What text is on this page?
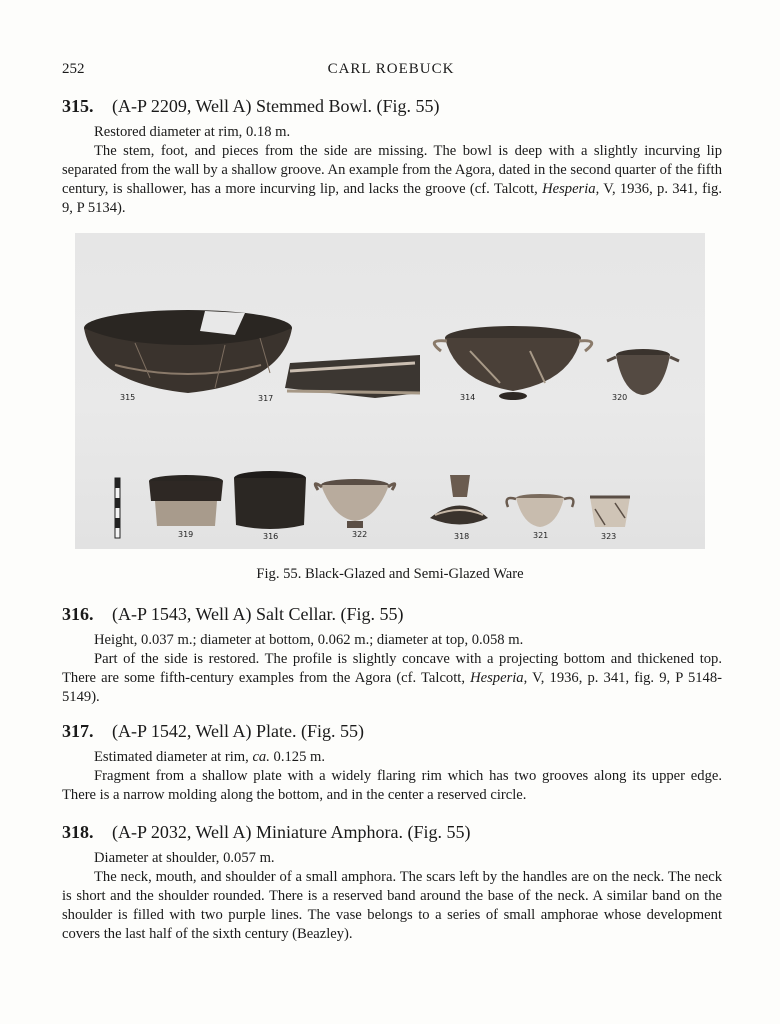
252	CARL ROEBUCK
315. (A-P 2209, Well A) Stemmed Bowl. (Fig. 55)

Restored diameter at rim, 0.18 m.

The stem, foot, and pieces from the side are missing. The bowl is deep with a slightly incurving lip separated from the wall by a shallow groove. An example from the Agora, dated in the second quarter of the fifth century, is shallower, has a more incurving lip, and lacks the groove (cf. Talcott, Hesperia, V, 1936, p. 341, fig. 9, P 5134).

315	317	314	320
319	316	322	318	321	323
Fig. 55. Black-Glazed and Semi-Glazed Ware
316. (A-P 1543, Well A) Salt Cellar. (Fig. 55)

Height, 0.037 m.; diameter at bottom, 0.062 m.; diameter at top, 0.058 m.

Part of the side is restored. The profile is slightly concave with a projecting bottom and thickened top. There are some fifth-century examples from the Agora (cf. Talcott, Hesperia, V, 1936, p. 341, fig. 9, P 5148-5149).

317. (A-P 1542, Well A) Plate. (Fig. 55)

Estimated diameter at rim, ca. 0.125 m.

Fragment from a shallow plate with a widely flaring rim which has two grooves along its upper edge. There is a narrow molding along the bottom, and in the center a reserved circle.

318. (A-P 2032, Well A) Miniature Amphora. (Fig. 55)

Diameter at shoulder, 0.057 m.

The neck, mouth, and shoulder of a small amphora. The scars left by the handles are on the neck. The neck is short and the shoulder rounded. There is a reserved band around the base of the neck. A similar band on the shoulder is filled with two purple lines. The vase belongs to a series of small amphorae whose development covers the last half of the sixth century (Beazley).
